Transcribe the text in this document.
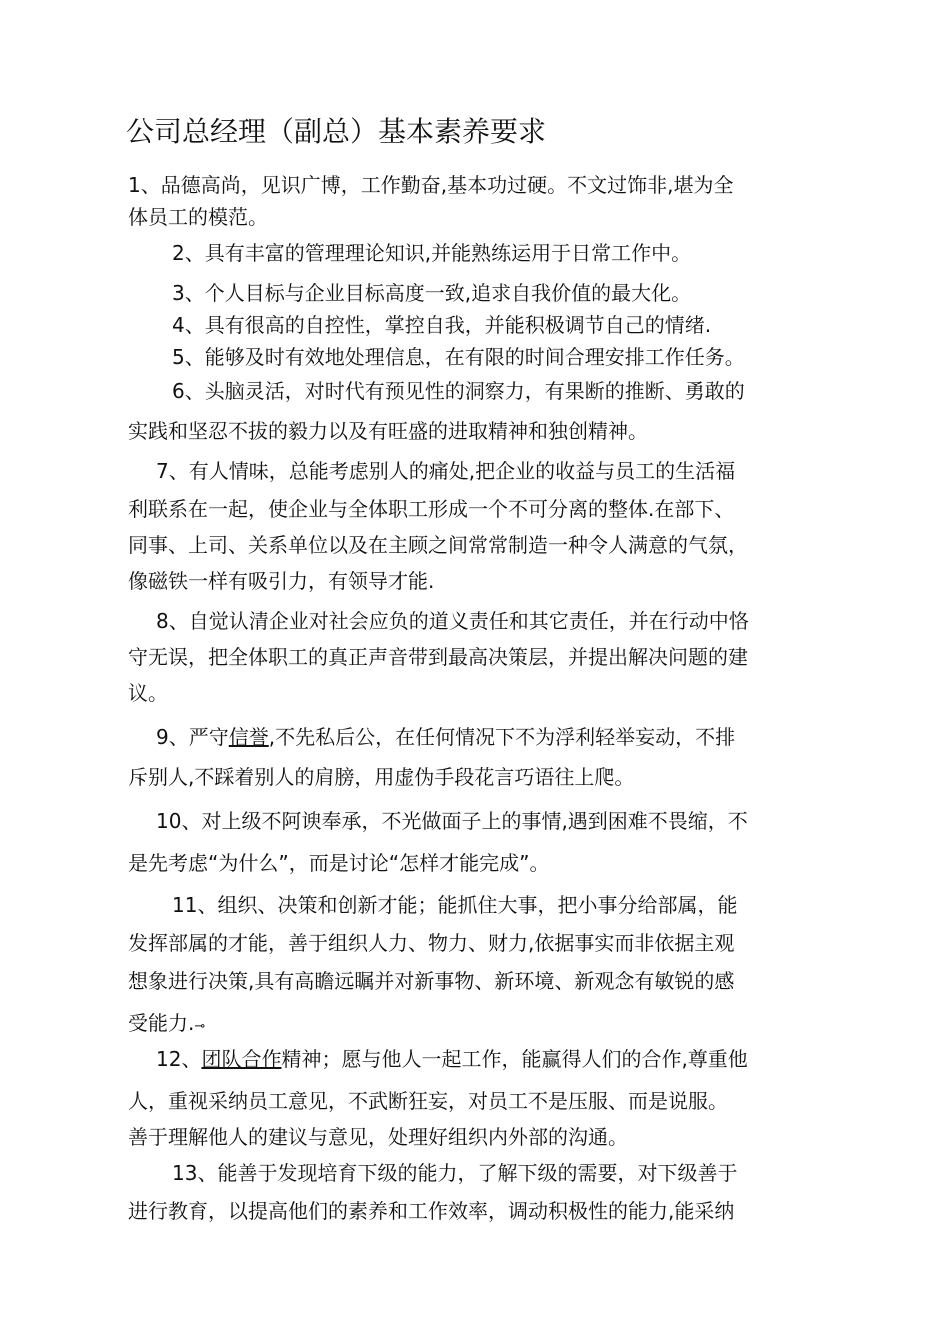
公司总经理（副总）基本素养要求
1、品德高尚，见识广博，工作勤奋,基本功过硬。不文过饰非,堪为全
体员工的模范。
2、具有丰富的管理理论知识,并能熟练运用于日常工作中。
3、个人目标与企业目标高度一致,追求自我价值的最大化。
4、具有很高的自控性，掌控自我，并能积极调节自己的情绪.
5、能够及时有效地处理信息，在有限的时间合理安排工作任务。
6、头脑灵活，对时代有预见性的洞察力，有果断的推断、勇敢的
实践和坚忍不拔的毅力以及有旺盛的进取精神和独创精神。
7、有人情味，总能考虑别人的痛处,把企业的收益与员工的生活福
利联系在一起，使企业与全体职工形成一个不可分离的整体.在部下、
同事、上司、关系单位以及在主顾之间常常制造一种令人满意的气氛，
像磁铁一样有吸引力，有领导才能.
8、自觉认清企业对社会应负的道义责任和其它责任，并在行动中恪
守无误，把全体职工的真正声音带到最高决策层，并提出解决问题的建
议。
9、严守信誉,不先私后公，在任何情况下不为浮利轻举妄动，不排
斥别人,不踩着别人的肩膀，用虚伪手段花言巧语往上爬。
10、对上级不阿谀奉承，不光做面子上的事情,遇到困难不畏缩，不
是先考虑“为什么”，而是讨论“怎样才能完成”。
11、组织、决策和创新才能；能抓住大事，把小事分给部属，能
发挥部属的才能，善于组织人力、物力、财力,依据事实而非依据主观
想象进行决策,具有高瞻远瞩并对新事物、新环境、新观念有敏锐的感
受能力.⊸
12、团队合作精神；愿与他人一起工作，能赢得人们的合作,尊重他
人，重视采纳员工意见，不武断狂妄，对员工不是压服、而是说服。
善于理解他人的建议与意见，处理好组织内外部的沟通。
13、能善于发现培育下级的能力，了解下级的需要，对下级善于
进行教育，以提高他们的素养和工作效率，调动积极性的能力,能采纳
